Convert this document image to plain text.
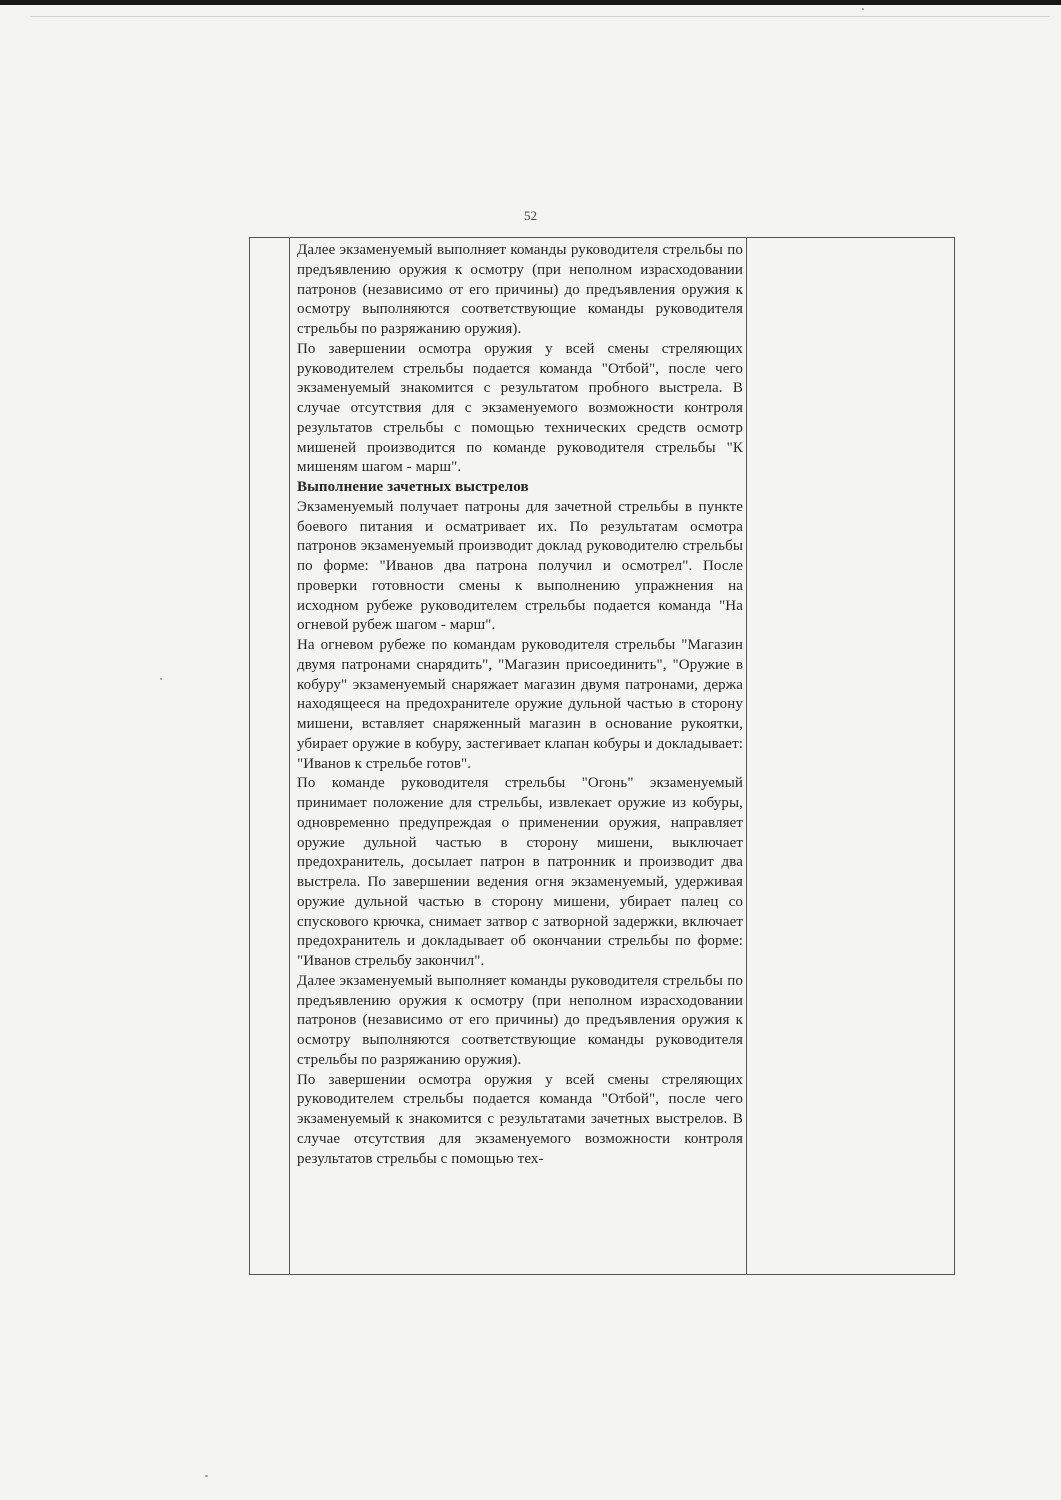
52

Далее экзаменуемый выполняет команды руководителя стрельбы по предъявлению оружия к осмотру (при неполном израсходовании патронов (независимо от его причины) до предъявления оружия к осмотру выполняются соответствующие команды руководителя стрельбы по разряжанию оружия).

По завершении осмотра оружия у всей смены стреляющих руководителем стрельбы подается команда "Отбой", после чего экзаменуемый знакомится с результатом пробного выстрела. В случае отсутствия для с экзаменуемого возможности контроля результатов стрельбы с помощью технических средств осмотр мишеней производится по команде руководителя стрельбы "К мишеням шагом - марш".

Выполнение зачетных выстрелов

Экзаменуемый получает патроны для зачетной стрельбы в пункте боевого питания и осматривает их. По результатам осмотра патронов экзаменуемый производит доклад руководителю стрельбы по форме: "Иванов два патрона получил и осмотрел". После проверки готовности смены к выполнению упражнения на исходном рубеже руководителем стрельбы подается команда "На огневой рубеж шагом - марш".

На огневом рубеже по командам руководителя стрельбы "Магазин двумя патронами снарядить", "Магазин присоединить", "Оружие в кобуру" экзаменуемый снаряжает магазин двумя патронами, держа находящееся на предохранителе оружие дульной частью в сторону мишени, вставляет снаряженный магазин в основание рукоятки, убирает оружие в кобуру, застегивает клапан кобуры и докладывает: "Иванов к стрельбе готов".

По команде руководителя стрельбы "Огонь" экзаменуемый принимает положение для стрельбы, извлекает оружие из кобуры, одновременно предупреждая о применении оружия, направляет оружие дульной частью в сторону мишени, выключает предохранитель, досылает патрон в патронник и производит два выстрела. По завершении ведения огня экзаменуемый, удерживая оружие дульной частью в сторону мишени, убирает палец со спускового крючка, снимает затвор с затворной задержки, включает предохранитель и докладывает об окончании стрельбы по форме: "Иванов стрельбу закончил".

Далее экзаменуемый выполняет команды руководителя стрельбы по предъявлению оружия к осмотру (при неполном израсходовании патронов (независимо от его причины) до предъявления оружия к осмотру выполняются соответствующие команды руководителя стрельбы по разряжанию оружия).

По завершении осмотра оружия у всей смены стреляющих руководителем стрельбы подается команда "Отбой", после чего экзаменуемый к знакомится с результатами зачетных выстрелов. В случае отсутствия для экзаменуемого возможности контроля результатов стрельбы с помощью тех-
